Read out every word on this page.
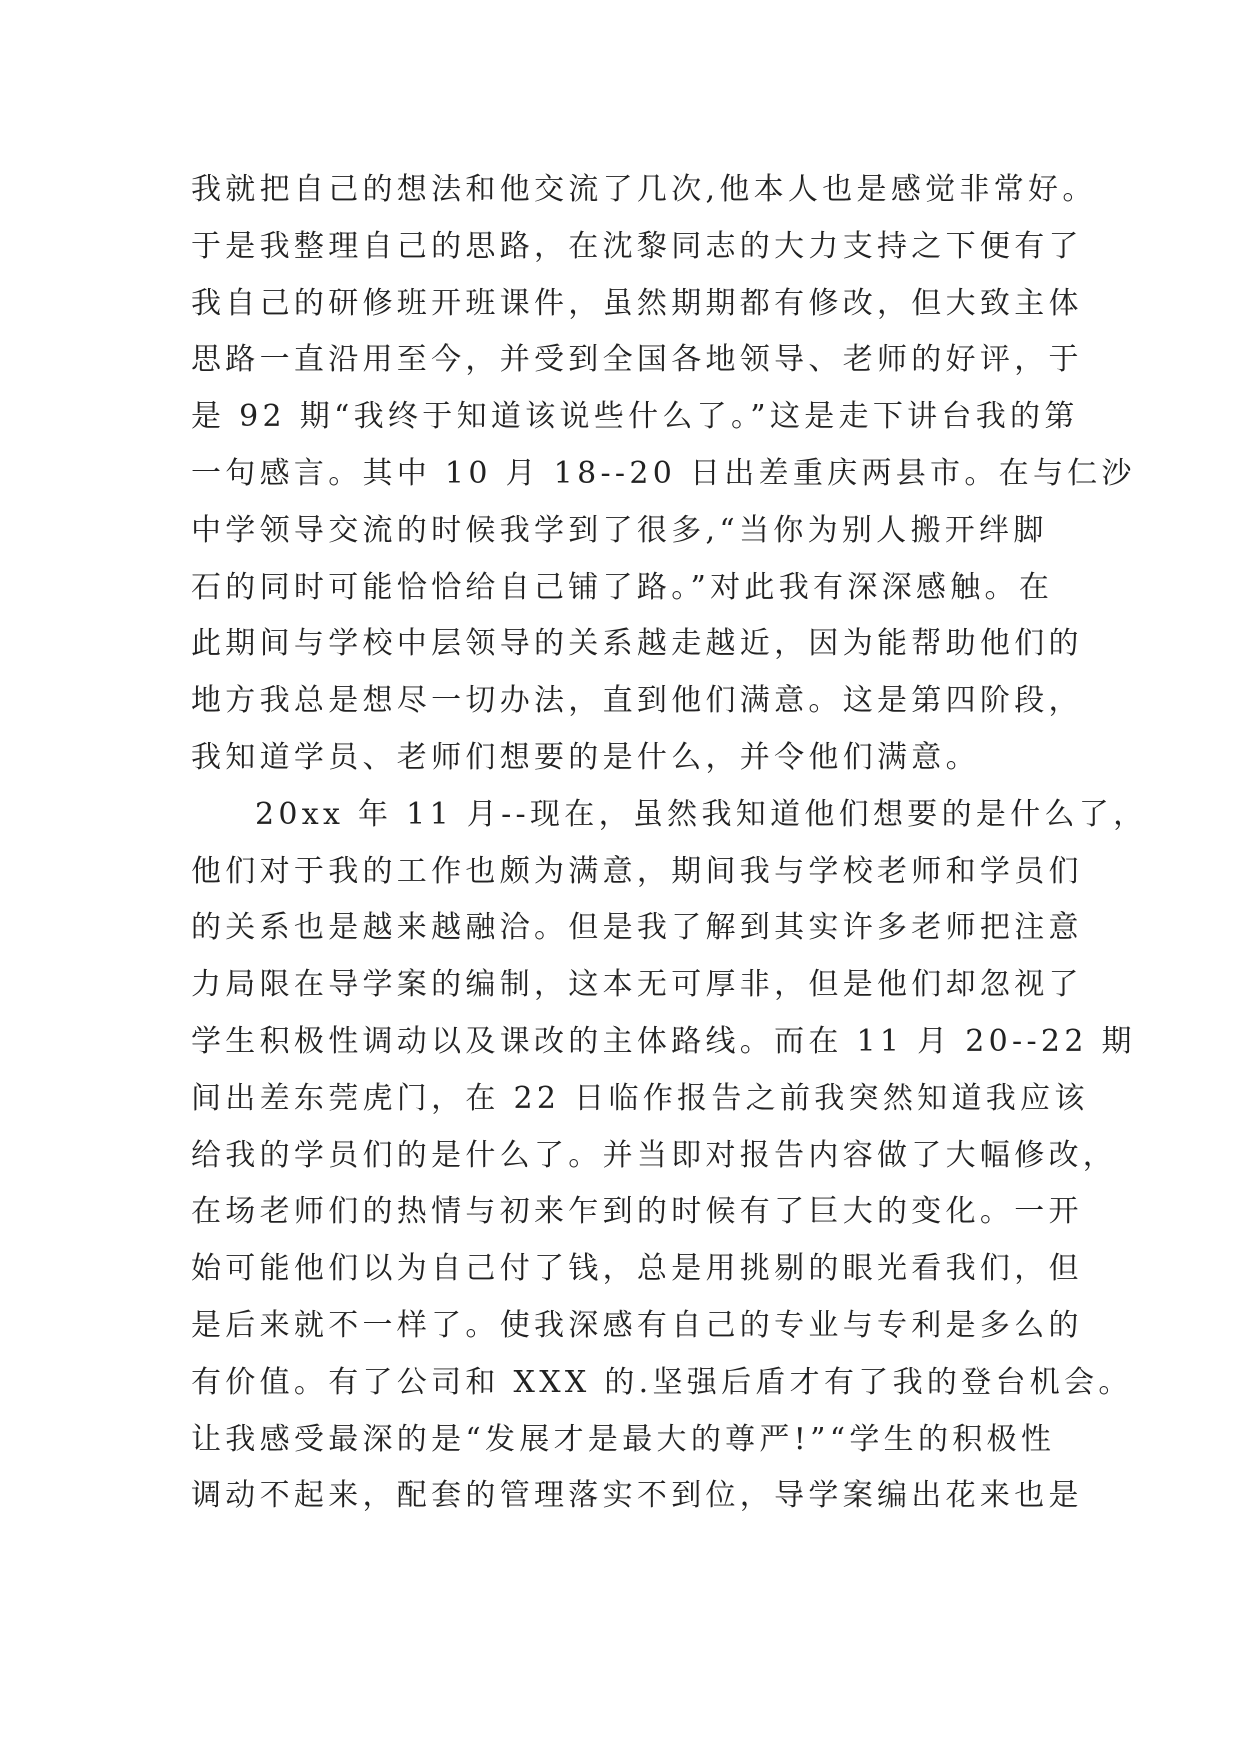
我就把自己的想法和他交流了几次,他本人也是感觉非常好。
于是我整理自己的思路，在沈黎同志的大力支持之下便有了
我自己的研修班开班课件，虽然期期都有修改，但大致主体
思路一直沿用至今，并受到全国各地领导、老师的好评，于
是 92 期“我终于知道该说些什么了。”这是走下讲台我的第
一句感言。其中 10 月 18--20 日出差重庆两县市。在与仁沙
中学领导交流的时候我学到了很多,“当你为别人搬开绊脚
石的同时可能恰恰给自己铺了路。”对此我有深深感触。在
此期间与学校中层领导的关系越走越近，因为能帮助他们的
地方我总是想尽一切办法，直到他们满意。这是第四阶段，
我知道学员、老师们想要的是什么，并令他们满意。
20xx 年 11 月--现在，虽然我知道他们想要的是什么了，
他们对于我的工作也颇为满意，期间我与学校老师和学员们
的关系也是越来越融洽。但是我了解到其实许多老师把注意
力局限在导学案的编制，这本无可厚非，但是他们却忽视了
学生积极性调动以及课改的主体路线。而在 11 月 20--22 期
间出差东莞虎门，在 22 日临作报告之前我突然知道我应该
给我的学员们的是什么了。并当即对报告内容做了大幅修改，
在场老师们的热情与初来乍到的时候有了巨大的变化。一开
始可能他们以为自己付了钱，总是用挑剔的眼光看我们，但
是后来就不一样了。使我深感有自己的专业与专利是多么的
有价值。有了公司和 XXX 的.坚强后盾才有了我的登台机会。
让我感受最深的是“发展才是最大的尊严!”“学生的积极性
调动不起来，配套的管理落实不到位，导学案编出花来也是
